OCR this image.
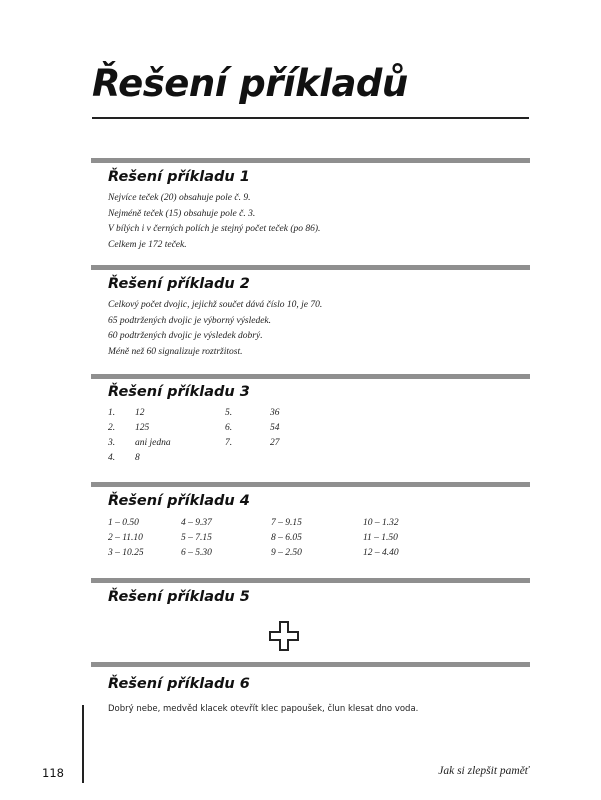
Řešení příkladů
Řešení příkladu 1
Nejvíce teček (20) obsahuje pole č. 9.
Nejméně teček (15) obsahuje pole č. 3.
V bílých i v černých polích je stejný počet teček (po 86).
Celkem je 172 teček.
Řešení příkladu 2
Celkový počet dvojic, jejichž součet dává číslo 10, je 70.
65 podtržených dvojic je výborný výsledek.
60 podtržených dvojic je výsledek dobrý.
Méně než 60 signalizuje roztržitost.
Řešení příkladu 3
1. 12
2. 125
3. ani jedna
4. 8
5.	36
6.	54
7.	27
Řešení příkladu 4
1 – 0.50
2 – 11.10
3 – 10.25
4 – 9.37
5 – 7.15
6 – 5.30
7 – 9.15
8 – 6.05
9 – 2.50
10 – 1.32
11 – 1.50
12 – 4.40
Řešení příkladu 5
Řešení příkladu 6

Dobrý nebe, medvěd klacek otevřít klec papoušek, člun klesat dno voda.

118	Jak si zlepšit paměť
